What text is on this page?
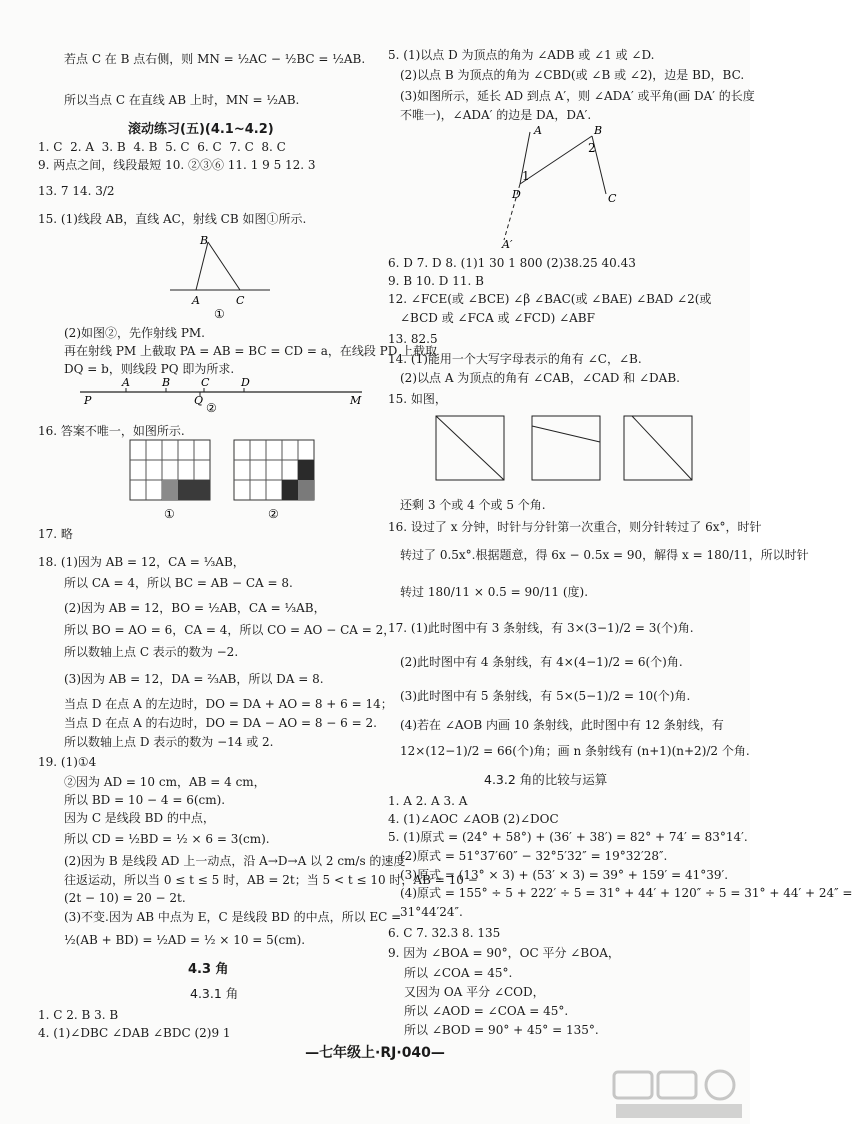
若点 C 在 B 点右侧，则 MN = ½AC − ½BC = ½AB.
所以当点 C 在直线 AB 上时，MN = ½AB.
滚动练习(五)(4.1~4.2)
1. C 2. A 3. B 4. B 5. C 6. C 7. C 8. C
9. 两点之间，线段最短 10. ②③⑥ 11. 1 9 5 12. 3
13. 7 14. 3/2
15. (1)线段 AB，直线 AC，射线 CB 如图①所示.
B
A	C
①
(2)如图②，先作射线 PM.
再在射线 PM 上截取 PA = AB = BC = CD = a，在线段 PD 上截取
DQ = b，则线段 PQ 即为所求.
P
A	B
Q
C	D
M
②
16. 答案不唯一，如图所示.
①	②
17. 略
18. (1)因为 AB = 12，CA = ⅓AB，
所以 CA = 4，所以 BC = AB − CA = 8.
(2)因为 AB = 12，BO = ½AB，CA = ⅓AB，
所以 BO = AO = 6，CA = 4，所以 CO = AO − CA = 2，
所以数轴上点 C 表示的数为 −2.
(3)因为 AB = 12，DA = ⅔AB，所以 DA = 8.
当点 D 在点 A 的左边时，DO = DA + AO = 8 + 6 = 14；
当点 D 在点 A 的右边时，DO = DA − AO = 8 − 6 = 2.
所以数轴上点 D 表示的数为 −14 或 2.
19. (1)①4
②因为 AD = 10 cm，AB = 4 cm，
所以 BD = 10 − 4 = 6(cm).
因为 C 是线段 BD 的中点，
所以 CD = ½BD = ½ × 6 = 3(cm).
(2)因为 B 是线段 AD 上一动点，沿 A→D→A 以 2 cm/s 的速度
往返运动，所以当 0 ≤ t ≤ 5 时，AB = 2t；当 5 < t ≤ 10 时，AB = 10 −
(2t − 10) = 20 − 2t.
(3)不变.因为 AB 中点为 E，C 是线段 BD 的中点，所以 EC =
½(AB + BD) = ½AD = ½ × 10 = 5(cm).
4.3 角
4.3.1 角
1. C 2. B 3. B
4. (1)∠DBC ∠DAB ∠BDC (2)9 1
5. (1)以点 D 为顶点的角为 ∠ADB 或 ∠1 或 ∠D.
(2)以点 B 为顶点的角为 ∠CBD(或 ∠B 或 ∠2)，边是 BD，BC.
(3)如图所示，延长 AD 到点 A′，则 ∠ADA′ 或平角(画 DA′ 的长度
不唯一)，∠ADA′ 的边是 DA，DA′.
A	B
1
2
D	C
A′
6. D 7. D 8. (1)1 30 1 800 (2)38.25 40.43
9. B 10. D 11. B
12. ∠FCE(或 ∠BCE) ∠β ∠BAC(或 ∠BAE) ∠BAD ∠2(或
∠BCD 或 ∠FCA 或 ∠FCD) ∠ABF
13. 82.5
14. (1)能用一个大写字母表示的角有 ∠C，∠B.
(2)以点 A 为顶点的角有 ∠CAB，∠CAD 和 ∠DAB.
15. 如图，
还剩 3 个或 4 个或 5 个角.
16. 设过了 x 分钟，时针与分针第一次重合，则分针转过了 6x°，时针
转过了 0.5x°.根据题意，得 6x − 0.5x = 90，解得 x = 180/11，所以时针
转过 180/11 × 0.5 = 90/11 (度).
17. (1)此时图中有 3 条射线，有 3×(3−1)/2 = 3(个)角.
(2)此时图中有 4 条射线，有 4×(4−1)/2 = 6(个)角.
(3)此时图中有 5 条射线，有 5×(5−1)/2 = 10(个)角.
(4)若在 ∠AOB 内画 10 条射线，此时图中有 12 条射线，有
12×(12−1)/2 = 66(个)角；画 n 条射线有 (n+1)(n+2)/2 个角.
4.3.2 角的比较与运算
1. A 2. A 3. A
4. (1)∠AOC ∠AOB (2)∠DOC
5. (1)原式 = (24° + 58°) + (36′ + 38′) = 82° + 74′ = 83°14′.
(2)原式 = 51°37′60″ − 32°5′32″ = 19°32′28″.
(3)原式 = (13° × 3) + (53′ × 3) = 39° + 159′ = 41°39′.
(4)原式 = 155° ÷ 5 + 222′ ÷ 5 = 31° + 44′ + 120″ ÷ 5 = 31° + 44′ + 24″ =
31°44′24″.
6. C 7. 32.3 8. 135
9. 因为 ∠BOA = 90°，OC 平分 ∠BOA，
所以 ∠COA = 45°.
又因为 OA 平分 ∠COD，
所以 ∠AOD = ∠COA = 45°.
所以 ∠BOD = 90° + 45° = 135°.
—七年级上·RJ·040—
